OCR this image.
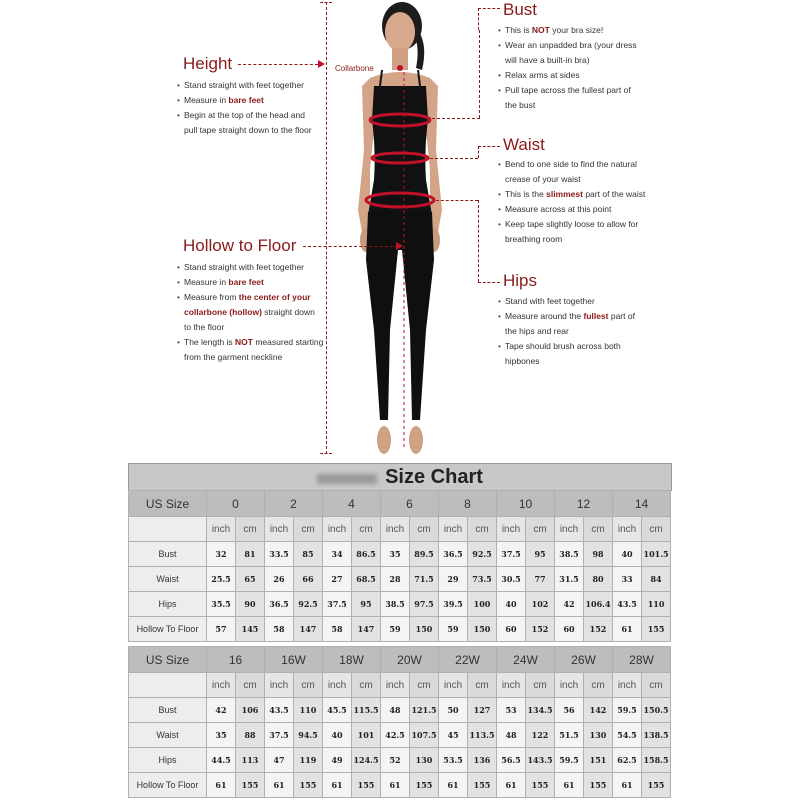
Collarbone
Height
• Stand straight with feet together
• Measure in bare feet
• Begin at the top of the head and
pull tape straight down to the floor
Hollow to Floor
• Stand straight with feet together
• Measure in bare feet
• Measure from the center of your
collarbone (hollow) straight down
to the floor
• The length is NOT measured starting
from the garment neckline
Bust
• This is NOT your bra size!
• Wear an unpadded bra (your dress
will have a built-in bra)
• Relax arms at sides
• Pull tape across the fullest part of
the bust
Waist
• Bend to one side to find the natural
crease of your waist
• This is the slimmest part of the waist
• Measure across at this point
• Keep tape slightly loose to allow for
breathing room
Hips
• Stand with feet together
• Measure around the fullest part of
the hips and rear
• Tape should brush across both
hipbones
Size Chart
US Size	0		2		4		6		8		10		12		14	
	inch	cm	inch	cm	inch	cm	inch	cm	inch	cm	inch	cm	inch	cm	inch	cm
Bust	32	81	33.5	85	34	86.5	35	89.5	36.5	92.5	37.5	95	38.5	98	40	101.5
Waist	25.5	65	26	66	27	68.5	28	71.5	29	73.5	30.5	77	31.5	80	33	84
Hips	35.5	90	36.5	92.5	37.5	95	38.5	97.5	39.5	100	40	102	42	106.4	43.5	110
Hollow To Floor	57	145	58	147	58	147	59	150	59	150	60	152	60	152	61	155
US Size	16		16W		18W		20W		22W		24W		26W		28W	
	inch	cm	inch	cm	inch	cm	inch	cm	inch	cm	inch	cm	inch	cm	inch	cm
Bust	42	106	43.5	110	45.5	115.5	48	121.5	50	127	53	134.5	56	142	59.5	150.5
Waist	35	88	37.5	94.5	40	101	42.5	107.5	45	113.5	48	122	51.5	130	54.5	138.5
Hips	44.5	113	47	119	49	124.5	52	130	53.5	136	56.5	143.5	59.5	151	62.5	158.5
Hollow To Floor	61	155	61	155	61	155	61	155	61	155	61	155	61	155	61	155
